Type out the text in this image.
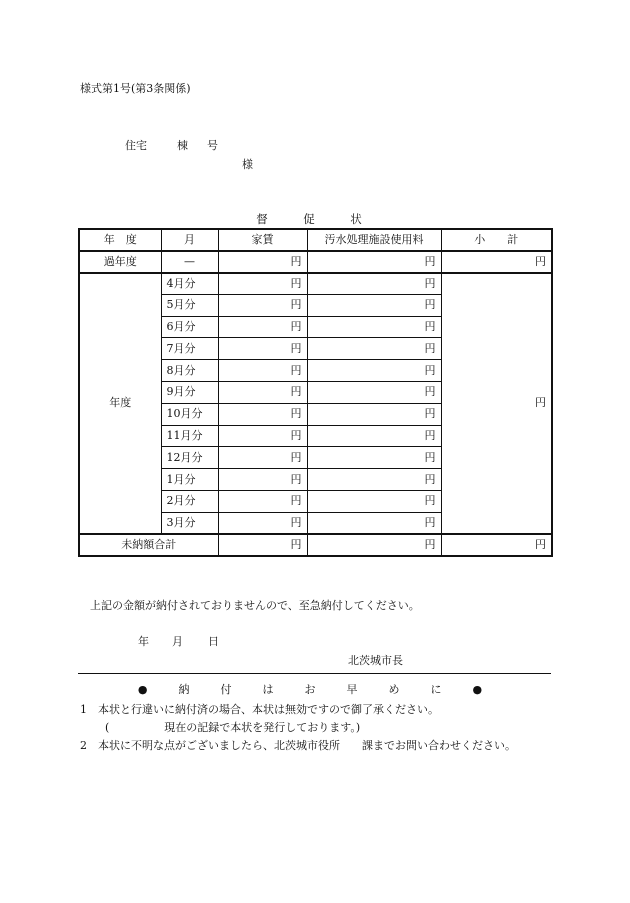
様式第1号(第3条関係)
住宅	棟 号
様
督　促　状
年　度	月	家賃	汚水処理施設使用料	小　　計
過年度	—	円	円	円
年度	4月分	円	円	円
	5月分	円	円	
	6月分	円	円	
	7月分	円	円	
	8月分	円	円	
	9月分	円	円	
	10月分	円	円	
	11月分	円	円	
	12月分	円	円	
	1月分	円	円	
	2月分	円	円	
	3月分	円	円	
未納額合計		円	円	円
上記の金額が納付されておりませんので、至急納付してください。
年 月 日
北茨城市長
●　納　付　は　お　早　め　に　●
1　本状と行違いに納付済の場合、本状は無効ですので御了承ください。
(　　　　　現在の記録で本状を発行しております。)
2　本状に不明な点がございましたら、北茨城市役所　　課までお問い合わせください。
